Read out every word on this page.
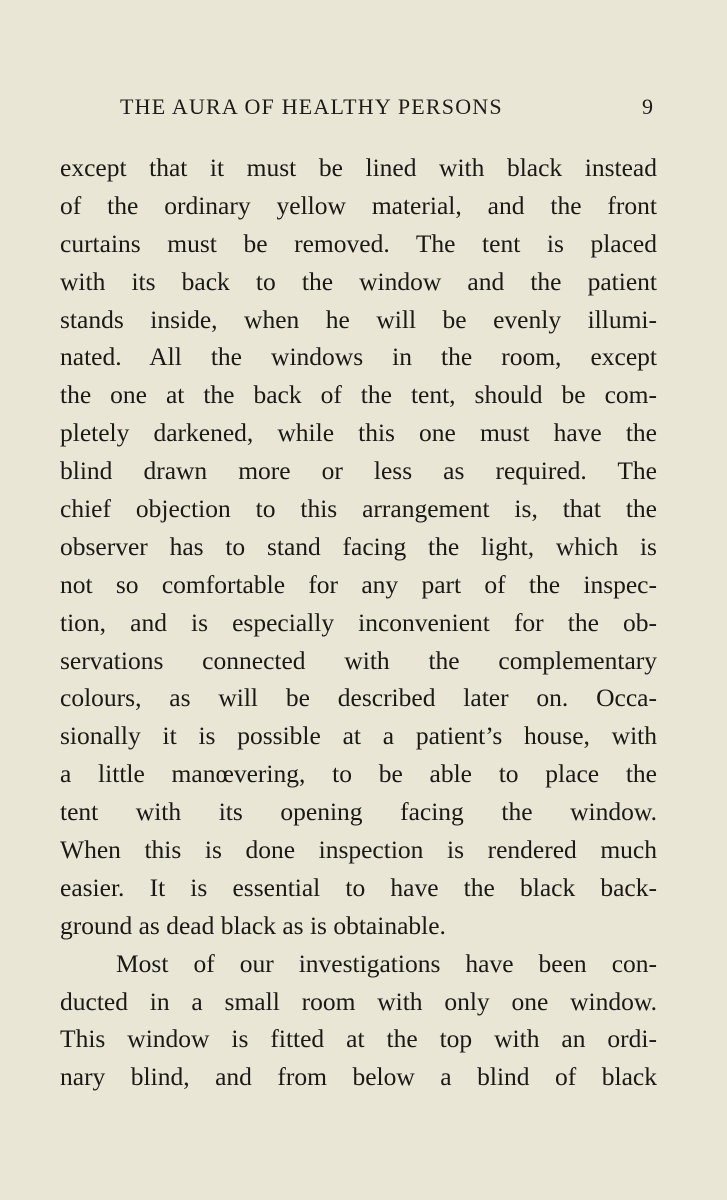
THE AURA OF HEALTHY PERSONS	9
except that it must be lined with black instead
of the ordinary yellow material, and the front
curtains must be removed. The tent is placed
with its back to the window and the patient
stands inside, when he will be evenly illumi-
nated. All the windows in the room, except
the one at the back of the tent, should be com-
pletely darkened, while this one must have the
blind drawn more or less as required. The
chief objection to this arrangement is, that the
observer has to stand facing the light, which is
not so comfortable for any part of the inspec-
tion, and is especially inconvenient for the ob-
servations connected with the complementary
colours, as will be described later on. Occa-
sionally it is possible at a patient’s house, with
a little manœvering, to be able to place the
tent with its opening facing the window.
When this is done inspection is rendered much
easier. It is essential to have the black back-
ground as dead black as is obtainable.
Most of our investigations have been con-
ducted in a small room with only one window.
This window is fitted at the top with an ordi-
nary blind, and from below a blind of black
